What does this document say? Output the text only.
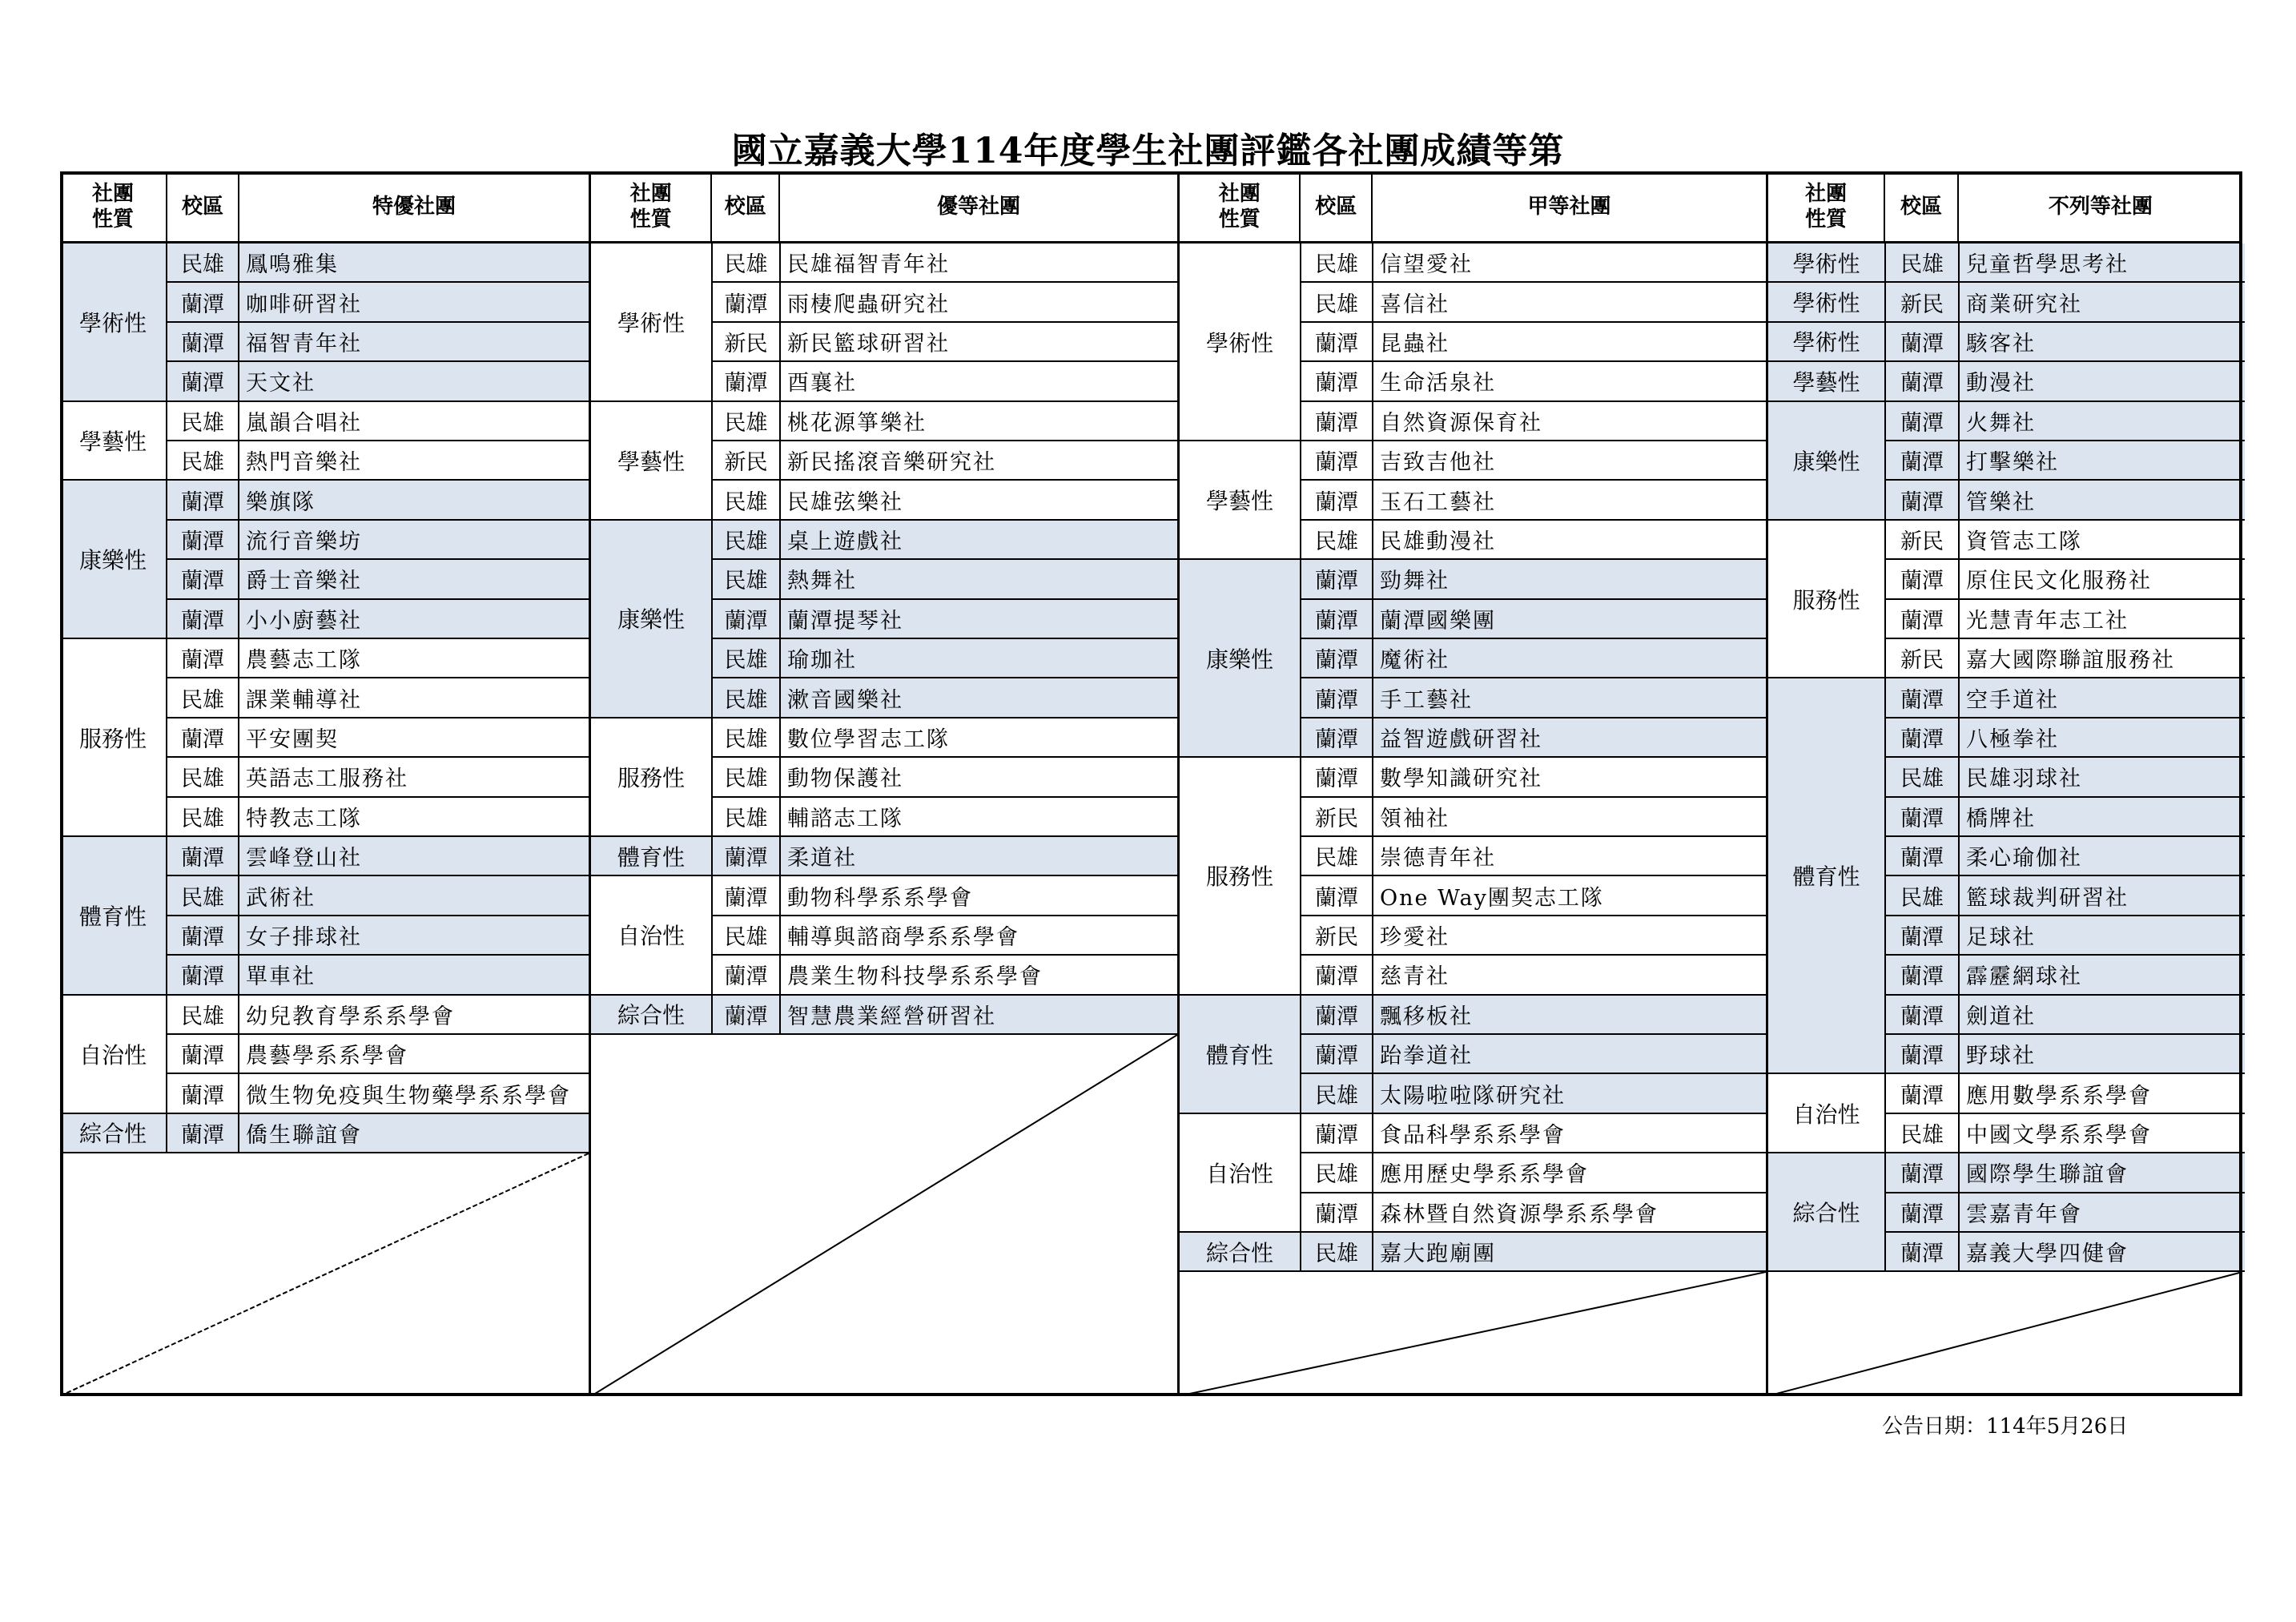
國立嘉義大學114年度學生社團評鑑各社團成績等第
社團
性質
校區	特優社團
學術性
民雄	鳳鳴雅集
蘭潭	咖啡研習社
蘭潭	福智青年社
蘭潭	天文社
學藝性
民雄	嵐韻合唱社
民雄	熱門音樂社
康樂性
蘭潭	樂旗隊
蘭潭	流行音樂坊
蘭潭	爵士音樂社
蘭潭	小小廚藝社
服務性
蘭潭	農藝志工隊
民雄	課業輔導社
蘭潭	平安團契
民雄	英語志工服務社
民雄	特教志工隊
體育性
蘭潭	雲峰登山社
民雄	武術社
蘭潭	女子排球社
蘭潭	單車社
自治性
民雄	幼兒教育學系系學會
蘭潭	農藝學系系學會
蘭潭	微生物免疫與生物藥學系系學會
綜合性	蘭潭	僑生聯誼會
社團
性質
校區	優等社團
學術性
民雄 民雄福智青年社
蘭潭 雨棲爬蟲研究社
新民 新民籃球研習社
蘭潭 酉襄社
學藝性
民雄 桃花源箏樂社
新民 新民搖滾音樂研究社
民雄 民雄弦樂社
康樂性
民雄 桌上遊戲社
民雄 熱舞社
蘭潭 蘭潭提琴社
民雄 瑜珈社
民雄 漱音國樂社
服務性
民雄 數位學習志工隊
民雄 動物保護社
民雄 輔諮志工隊
體育性	蘭潭 柔道社
自治性
蘭潭 動物科學系系學會
民雄 輔導與諮商學系系學會
蘭潭 農業生物科技學系系學會
綜合性	蘭潭 智慧農業經營研習社
社團
性質
校區	甲等社團
學術性
民雄	信望愛社
民雄	喜信社
蘭潭	昆蟲社
蘭潭	生命活泉社
蘭潭	自然資源保育社
學藝性
蘭潭	吉致吉他社
蘭潭	玉石工藝社
民雄	民雄動漫社
康樂性
蘭潭	勁舞社
蘭潭	蘭潭國樂團
蘭潭	魔術社
蘭潭	手工藝社
蘭潭	益智遊戲研習社
服務性
蘭潭	數學知識研究社
新民	領袖社
民雄	崇德青年社
蘭潭	One Way團契志工隊
新民	珍愛社
蘭潭	慈青社
體育性
蘭潭	飄移板社
蘭潭	跆拳道社
民雄	太陽啦啦隊研究社
自治性
蘭潭	食品科學系系學會
民雄	應用歷史學系系學會
蘭潭	森林暨自然資源學系系學會
綜合性	民雄	嘉大跑廟團
社團
性質
校區	不列等社團
學術性	民雄	兒童哲學思考社
學術性	新民	商業研究社
學術性	蘭潭	駭客社
學藝性	蘭潭	動漫社
康樂性
蘭潭	火舞社
蘭潭	打擊樂社
蘭潭	管樂社
服務性
新民	資管志工隊
蘭潭	原住民文化服務社
蘭潭	光慧青年志工社
新民	嘉大國際聯誼服務社
體育性
蘭潭	空手道社
蘭潭	八極拳社
民雄	民雄羽球社
蘭潭	橋牌社
蘭潭	柔心瑜伽社
民雄	籃球裁判研習社
蘭潭	足球社
蘭潭	霹靂網球社
蘭潭	劍道社
蘭潭	野球社
自治性
蘭潭	應用數學系系學會
民雄	中國文學系系學會
綜合性
蘭潭	國際學生聯誼會
蘭潭	雲嘉青年會
蘭潭	嘉義大學四健會
公告日期：114年5月26日
